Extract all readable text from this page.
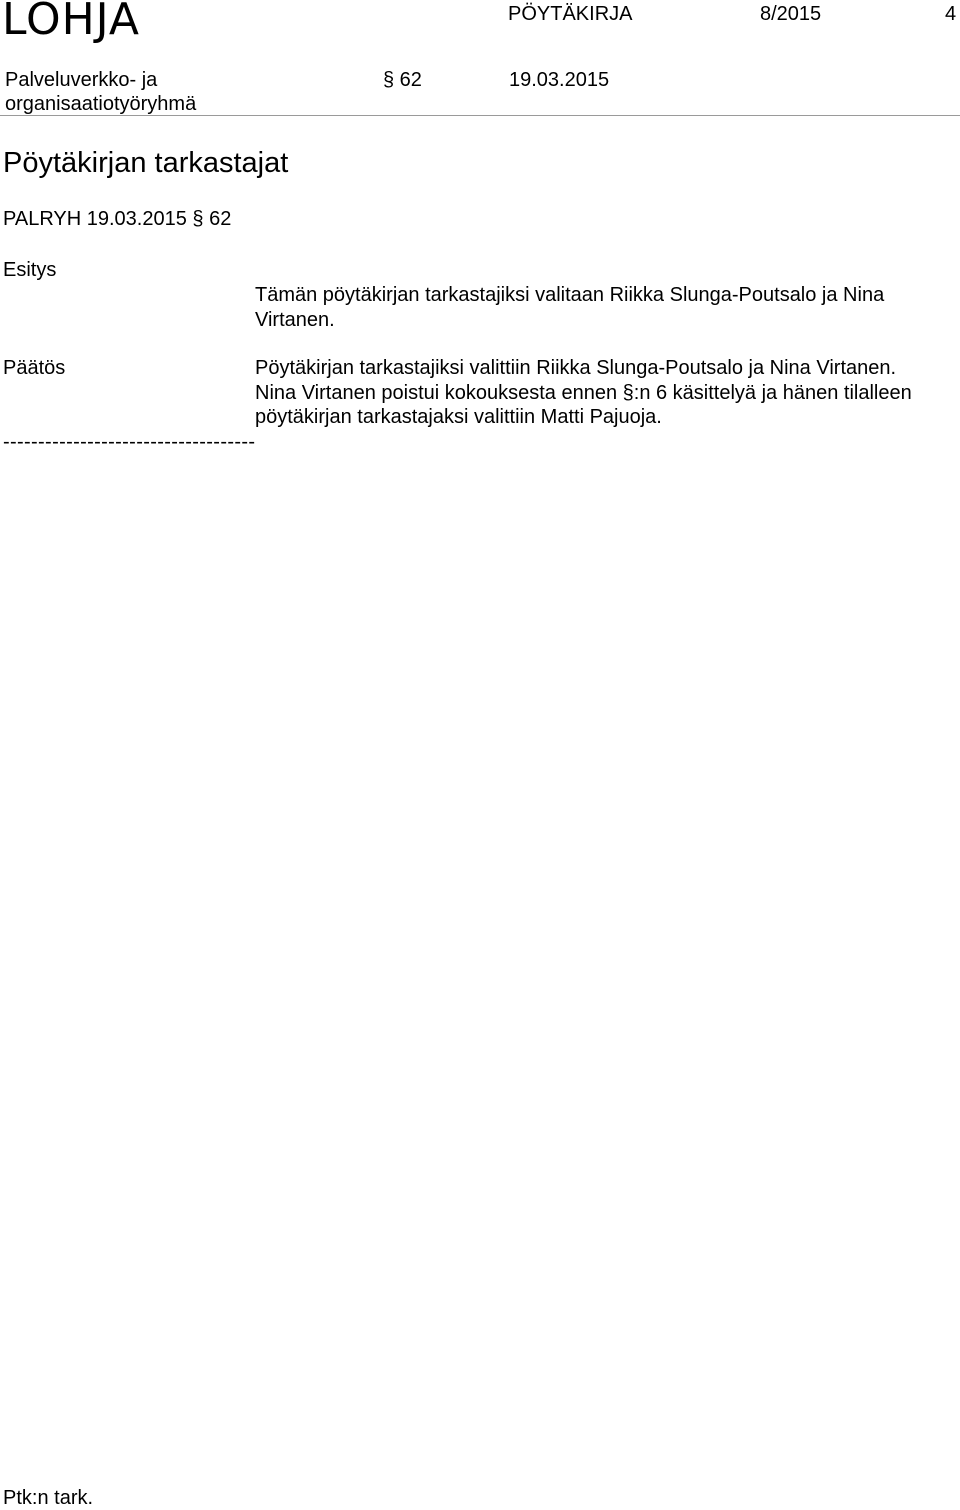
LOHJA	PÖYTÄKIRJA	8/2015	4
Palveluverkko- ja
organisaatiotyöryhmä
§ 62	19.03.2015
Pöytäkirjan tarkastajat
PALRYH 19.03.2015 § 62
Esitys
Tämän pöytäkirjan tarkastajiksi valitaan Riikka Slunga-Poutsalo ja Nina Virtanen.
Päätös	Pöytäkirjan tarkastajiksi valittiin Riikka Slunga-Poutsalo ja Nina Virtanen.
Nina Virtanen poistui kokouksesta ennen §:n 6 käsittelyä ja hänen tilalleen pöytäkirjan tarkastajaksi valittiin Matti Pajuoja.
------------------------------------
Ptk:n tark.
